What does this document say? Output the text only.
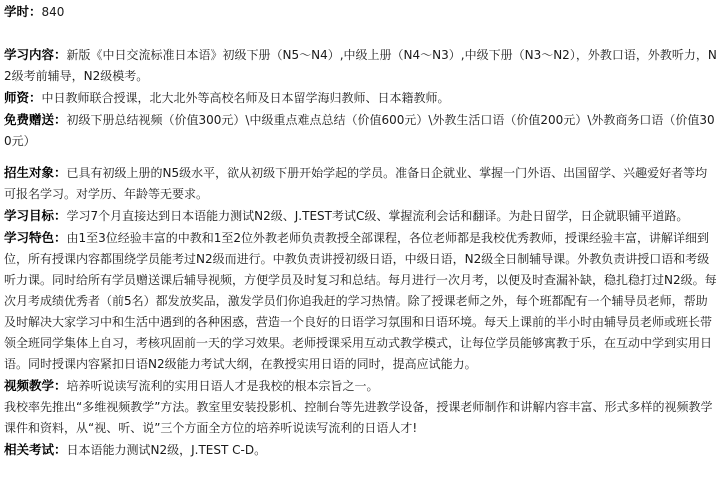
学时：840

学习内容：新版《中日交流标准日本语》初级下册（N5～N4）,中级上册（N4～N3）,中级下册（N3～N2），外教口语，外教听力，N2级考前辅导，N2级模考。

师资：中日教师联合授课，北大北外等高校名师及日本留学海归教师、日本籍教师。

免费赠送：初级下册总结视频（价值300元）\中级重点难点总结（价值600元）\外教生活口语（价值200元）\外教商务口语（价值300元）

招生对象：已具有初级上册的N5级水平，欲从初级下册开始学起的学员。准备日企就业、掌握一门外语、出国留学、兴趣爱好者等均可报名学习。对学历、年龄等无要求。

学习目标：学习7个月直接达到日本语能力测试N2级、J.TEST考试C级、掌握流利会话和翻译。为赴日留学，日企就职铺平道路。

学习特色：由1至3位经验丰富的中教和1至2位外教老师负责教授全部课程，各位老师都是我校优秀教师，授课经验丰富，讲解详细到位，所有授课内容都围绕学员能考过N2级而进行。中教负责讲授初级日语，中级日语，N2级全日制辅导课。外教负责讲授口语和考级听力课。同时给所有学员赠送课后辅导视频，方便学员及时复习和总结。每月进行一次月考，以便及时查漏补缺，稳扎稳打过N2级。每次月考成绩优秀者（前5名）都发放奖品，激发学员们你追我赶的学习热情。除了授课老师之外，每个班都配有一个辅导员老师，帮助及时解决大家学习中和生活中遇到的各种困惑，营造一个良好的日语学习氛围和日语环境。每天上课前的半小时由辅导员老师或班长带领全班同学集体上自习，考核巩固前一天的学习效果。老师授课采用互动式教学模式，让每位学员能够寓教于乐，在互动中学到实用日语。同时授课内容紧扣日语N2级能力考试大纲，在教授实用日语的同时，提高应试能力。

视频教学：培养听说读写流利的实用日语人才是我校的根本宗旨之一。

我校率先推出“多维视频教学”方法。教室里安装投影机、控制台等先进教学设备，授课老师制作和讲解内容丰富、形式多样的视频教学课件和资料，从“视、听、说”三个方面全方位的培养听说读写流利的日语人才!

相关考试：日本语能力测试N2级，J.TEST C-D。
